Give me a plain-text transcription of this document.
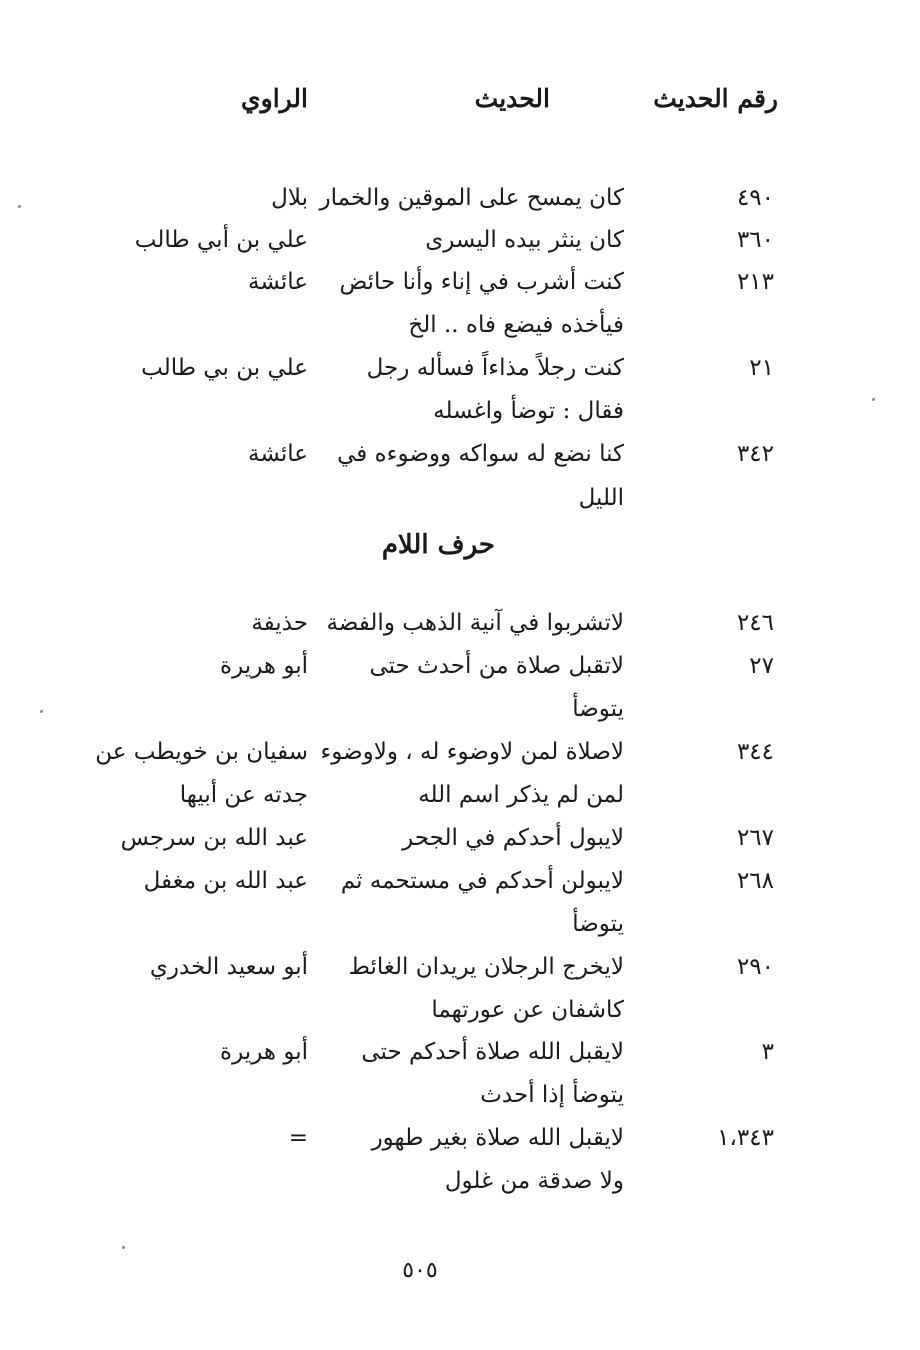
رقم الحديث
الحديث
الراوي
٤٩٠
كان يمسح على الموقين والخمار
بلال
٣٦٠
كان ينثر بيده اليسرى
علي بن أبي طالب
٢١٣
كنت أشرب في إناء وأنا حائض
فيأخذه فيضع فاه .. الخ
عائشة
٢١
كنت رجلاً مذاءاً فسأله رجل
فقال : توضأ واغسله
علي بن بي طالب
٣٤٢
كنا نضع له سواكه ووضوءه في
الليل
عائشة
حرف اللام
٢٤٦
لاتشربوا في آنية الذهب والفضة
حذيفة
٢٧
لاتقبل صلاة من أحدث حتى
يتوضأ
أبو هريرة
٣٤٤
لاصلاة لمن لاوضوء له ، ولاوضوء
لمن لم يذكر اسم الله
سفيان بن خويطب عن
جدته عن أبيها
٢٦٧
لايبول أحدكم في الجحر
عبد الله بن سرجس
٢٦٨
لايبولن أحدكم في مستحمه ثم
يتوضأ
عبد الله بن مغفل
٢٩٠
لايخرج الرجلان يريدان الغائط
كاشفان عن عورتهما
أبو سعيد الخدري
٣
لايقبل الله صلاة أحدكم حتى
يتوضأ إذا أحدث
أبو هريرة
١،٣٤٣
لايقبل الله صلاة بغير طهور
ولا صدقة من غلول
=
٥٠٥
